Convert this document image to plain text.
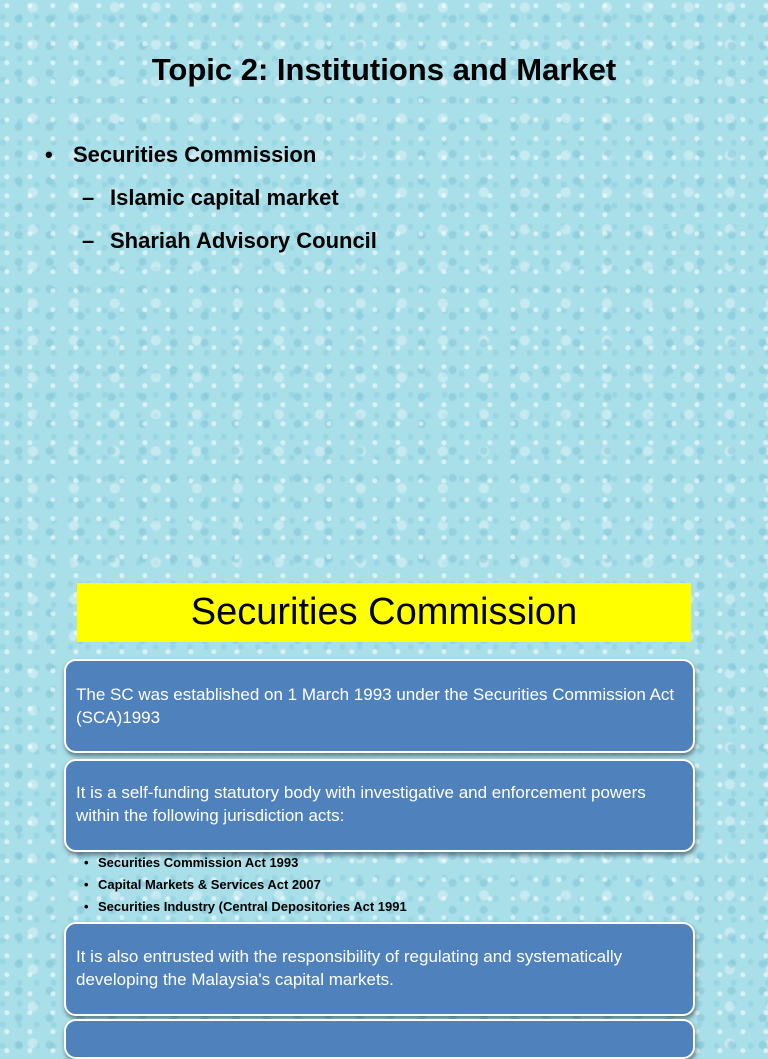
Topic 2: Institutions and Market
• Securities Commission
– Islamic capital market
– Shariah Advisory Council
Securities Commission
The SC was established on 1 March 1993 under the Securities Commission Act (SCA)1993
It is a self-funding statutory body with investigative and enforcement powers within the following jurisdiction acts:
• Securities Commission Act 1993
• Capital Markets & Services Act 2007
• Securities Industry (Central Depositories Act 1991
It is also entrusted with the responsibility of regulating and systematically developing the Malaysia's capital markets.
